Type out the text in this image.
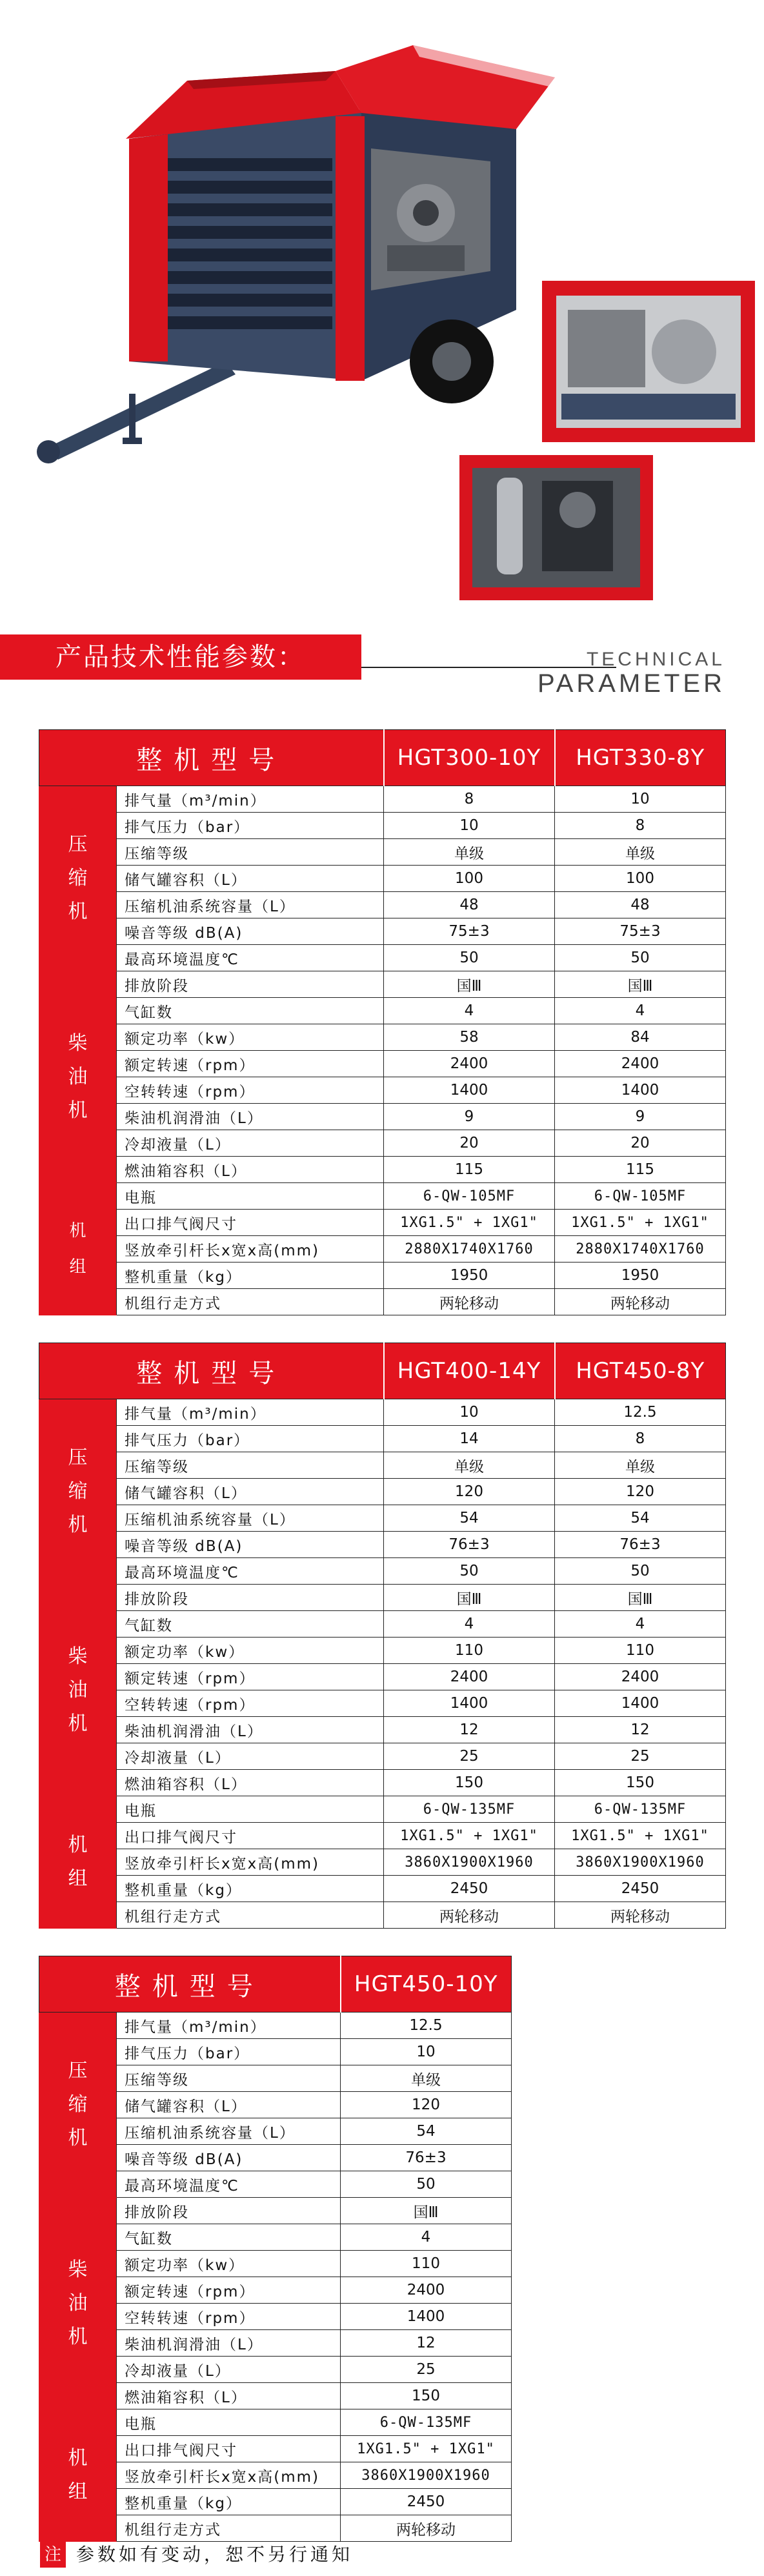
产品技术性能参数：	TECHNICAL
PARAMETER
整机型号		HGT300-10Y	HGT330-8Y
压
缩
机	排气量（m³/min）	8	10
	排气压力（bar）	10	8
	压缩等级	单级	单级
	储气罐容积（L）	100	100
	压缩机油系统容量（L）	48	48
	噪音等级 dB(A)	75±3	75±3
	最高环境温度℃	50	50
柴
油
机	排放阶段	国Ⅲ	国Ⅲ
	气缸数	4	4
	额定功率（kw）	58	84
	额定转速（rpm）	2400	2400
	空转转速（rpm）	1400	1400
	柴油机润滑油（L）	9	9
	冷却液量（L）	20	20
	燃油箱容积（L）	115	115
机
组	电瓶	6-QW-105MF	6-QW-105MF
	出口排气阀尺寸	1XG1.5" + 1XG1"	1XG1.5" + 1XG1"
	竖放牵引杆长x宽x高(mm)	2880X1740X1760	2880X1740X1760
	整机重量（kg）	1950	1950
	机组行走方式	两轮移动	两轮移动
整机型号		HGT400-14Y	HGT450-8Y
压
缩
机	排气量（m³/min）	10	12.5
	排气压力（bar）	14	8
	压缩等级	单级	单级
	储气罐容积（L）	120	120
	压缩机油系统容量（L）	54	54
	噪音等级 dB(A)	76±3	76±3
	最高环境温度℃	50	50
柴
油
机	排放阶段	国Ⅲ	国Ⅲ
	气缸数	4	4
	额定功率（kw）	110	110
	额定转速（rpm）	2400	2400
	空转转速（rpm）	1400	1400
	柴油机润滑油（L）	12	12
	冷却液量（L）	25	25
	燃油箱容积（L）	150	150
机
组	电瓶	6-QW-135MF	6-QW-135MF
	出口排气阀尺寸	1XG1.5" + 1XG1"	1XG1.5" + 1XG1"
	竖放牵引杆长x宽x高(mm)	3860X1900X1960	3860X1900X1960
	整机重量（kg）	2450	2450
	机组行走方式	两轮移动	两轮移动
整机型号		HGT450-10Y
压
缩
机	排气量（m³/min）	12.5
	排气压力（bar）	10
	压缩等级	单级
	储气罐容积（L）	120
	压缩机油系统容量（L）	54
	噪音等级 dB(A)	76±3
	最高环境温度℃	50
柴
油
机	排放阶段	国Ⅲ
	气缸数	4
	额定功率（kw）	110
	额定转速（rpm）	2400
	空转转速（rpm）	1400
	柴油机润滑油（L）	12
	冷却液量（L）	25
	燃油箱容积（L）	150
机
组	电瓶	6-QW-135MF
	出口排气阀尺寸	1XG1.5" + 1XG1"
	竖放牵引杆长x宽x高(mm)	3860X1900X1960
	整机重量（kg）	2450
	机组行走方式	两轮移动
注 参数如有变动，恕不另行通知
